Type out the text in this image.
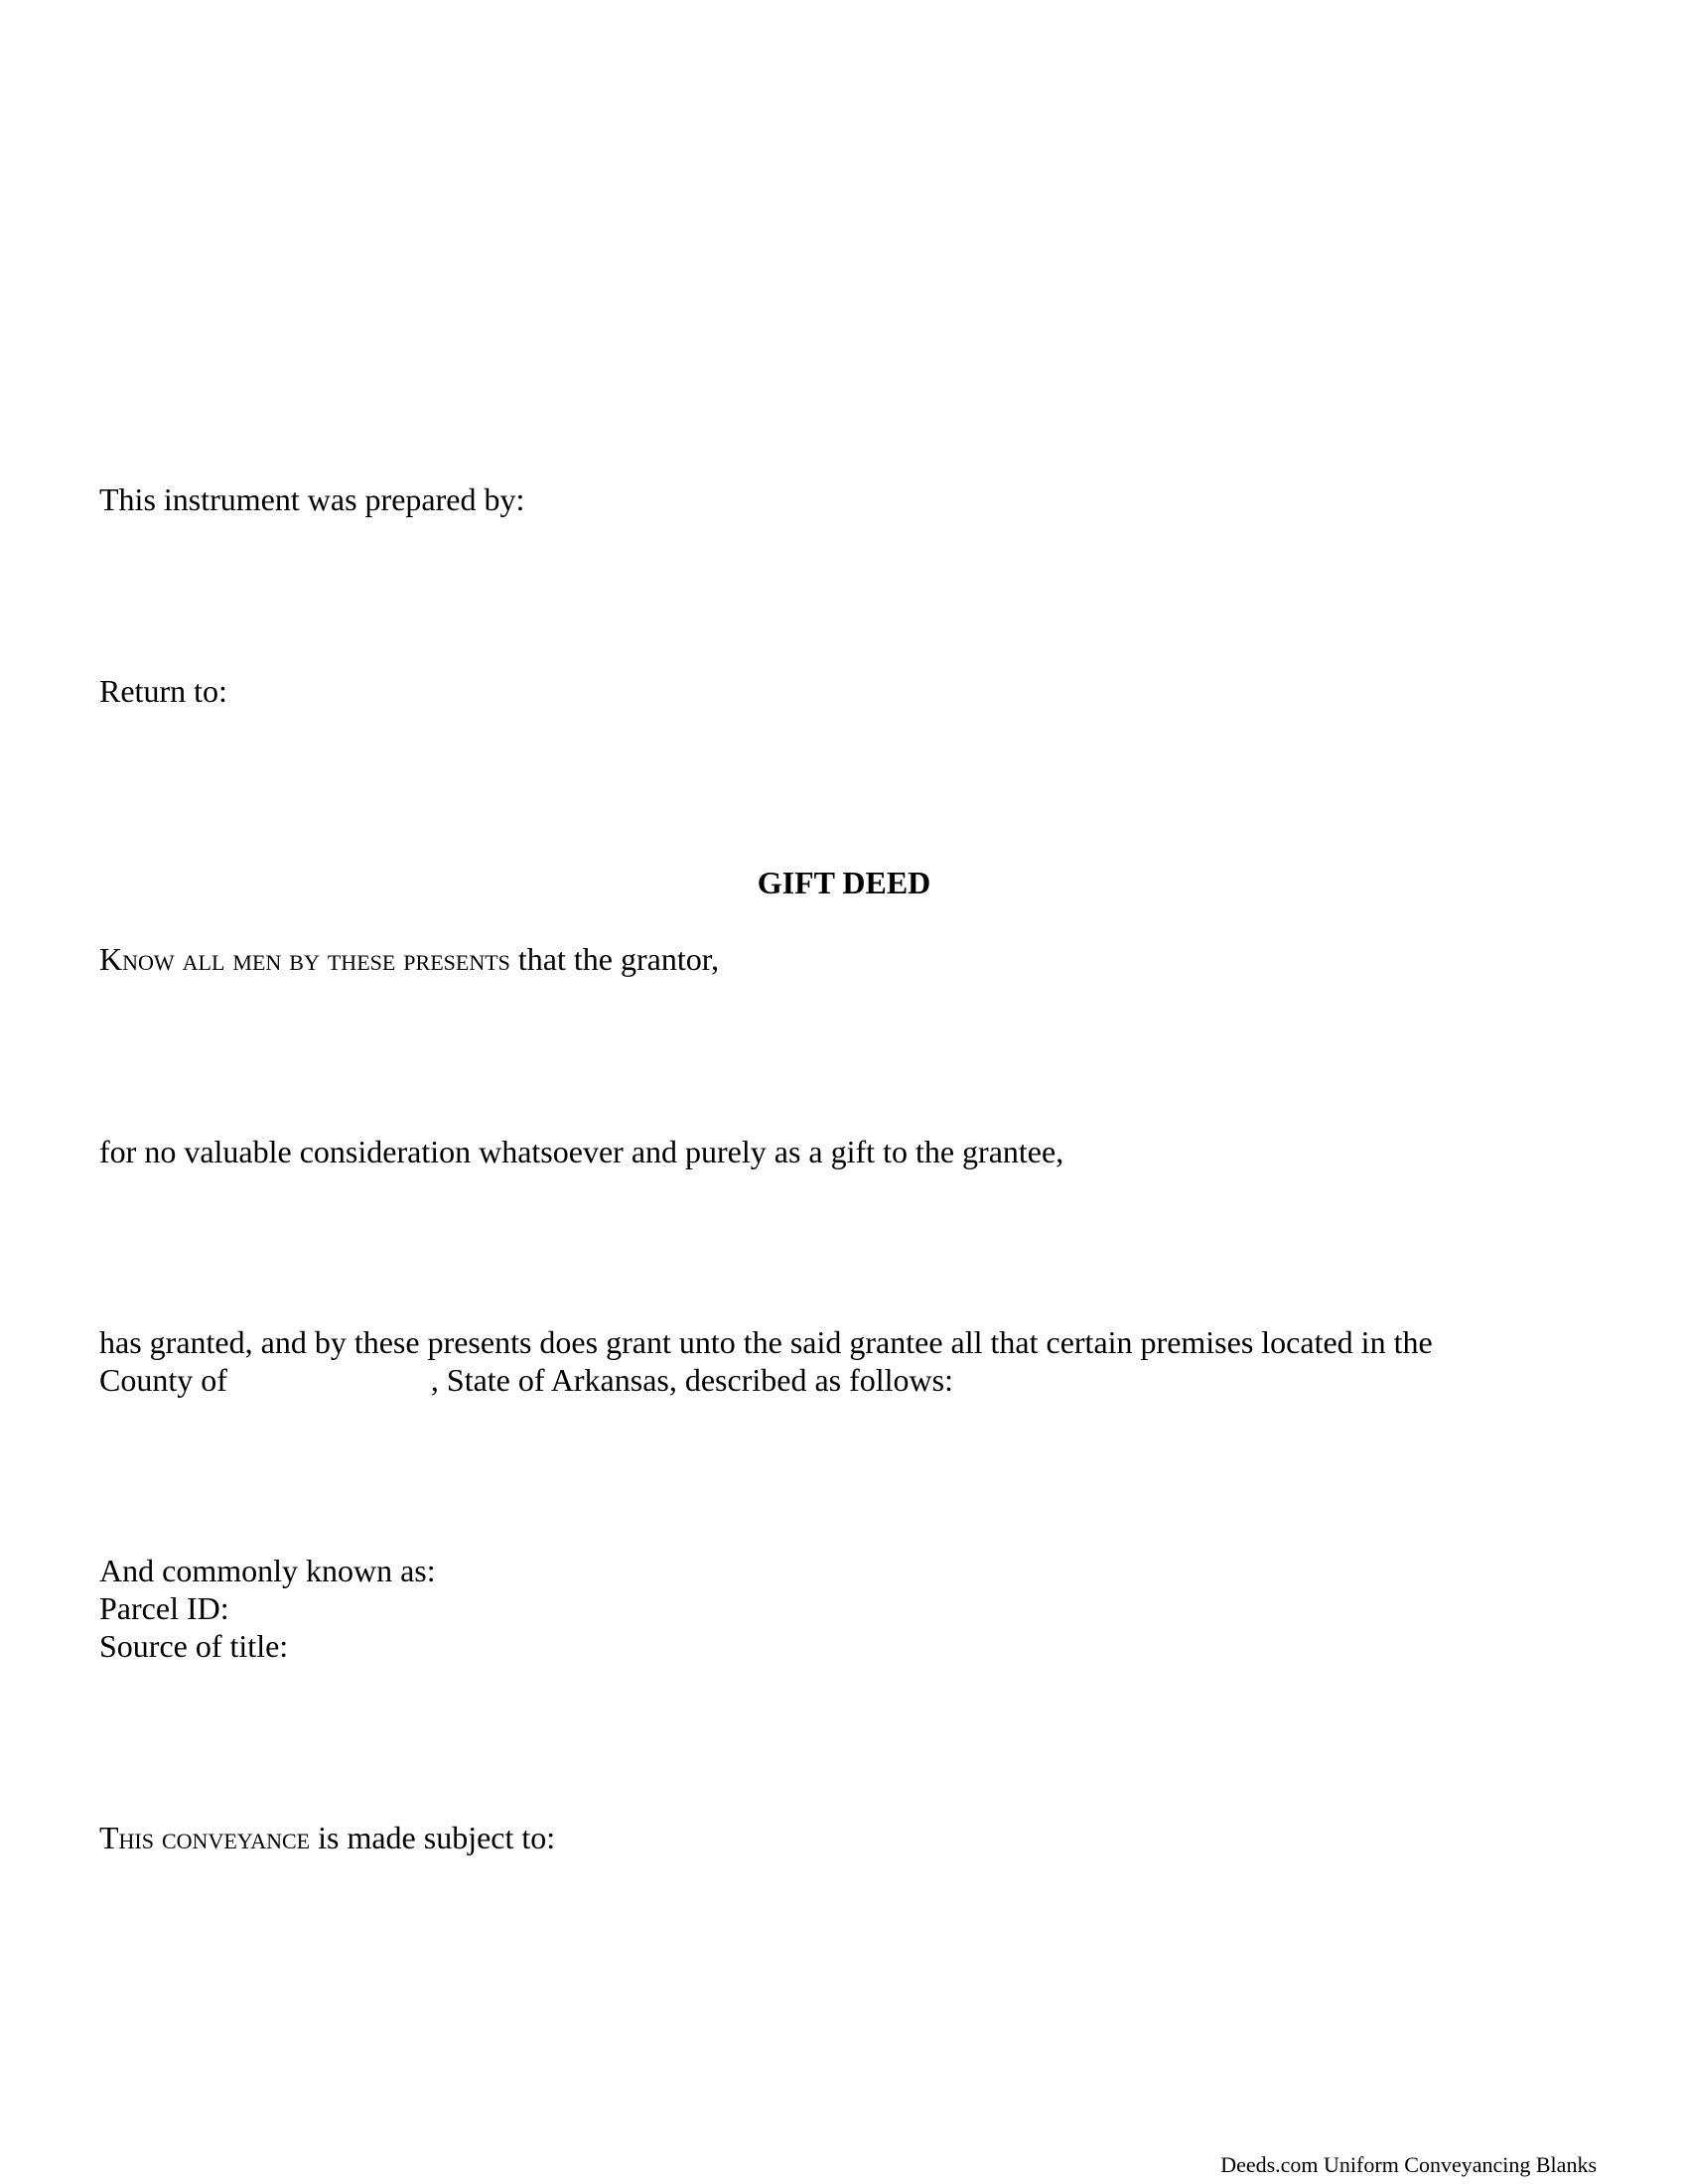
This instrument was prepared by:
Return to:
GIFT DEED
Know all men by these presents that the grantor,
for no valuable consideration whatsoever and purely as a gift to the grantee,
has granted, and by these presents does grant unto the said grantee all that certain premises located in the
County of	, State of Arkansas, described as follows:
And commonly known as:
Parcel ID:
Source of title:
This conveyance is made subject to:
Deeds.com Uniform Conveyancing Blanks
